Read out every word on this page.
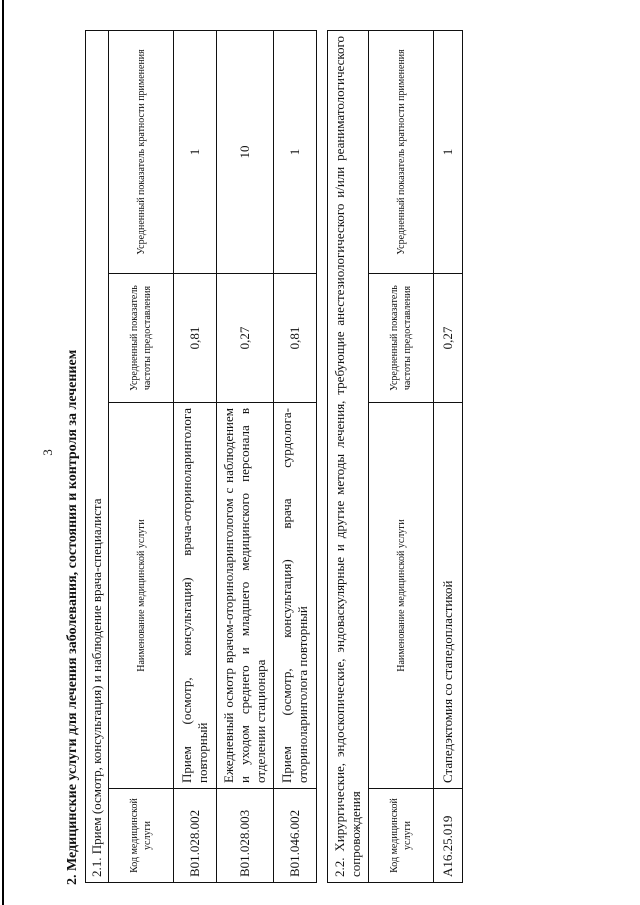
3 2. Медицинские услуги для лечения заболевания, состояния и контроля за лечением 2.1. Прием (осмотр, консультация) и наблюдение врача-специалиста			
Код медицинской услуги	Наименование медицинской услуги	Усредненный показатель частоты предоставления	Усредненный показатель кратности применения
B01.028.002	Прием (осмотр, консультация) врача-оториноларинголога повторный	0,81	1
B01.028.003	Ежедневный осмотр врачом-оториноларингологом с наблюдением и уходом среднего и младшего медицинского персонала в отделении стационара	0,27	10
B01.046.002	Прием (осмотр, консультация) врача сурдолога-оториноларинголога повторный	0,81	1 2.2. Хирургические, эндоскопические, эндоваскулярные и другие методы лечения, требующие анестезиологического и/или реаниматологического сопровождения			
Код медицинской услуги	Наименование медицинской услуги	Усредненный показатель частоты предоставления	Усредненный показатель кратности применения
A16.25.019	Стапедэктомия со стапедопластикой	0,27	1
